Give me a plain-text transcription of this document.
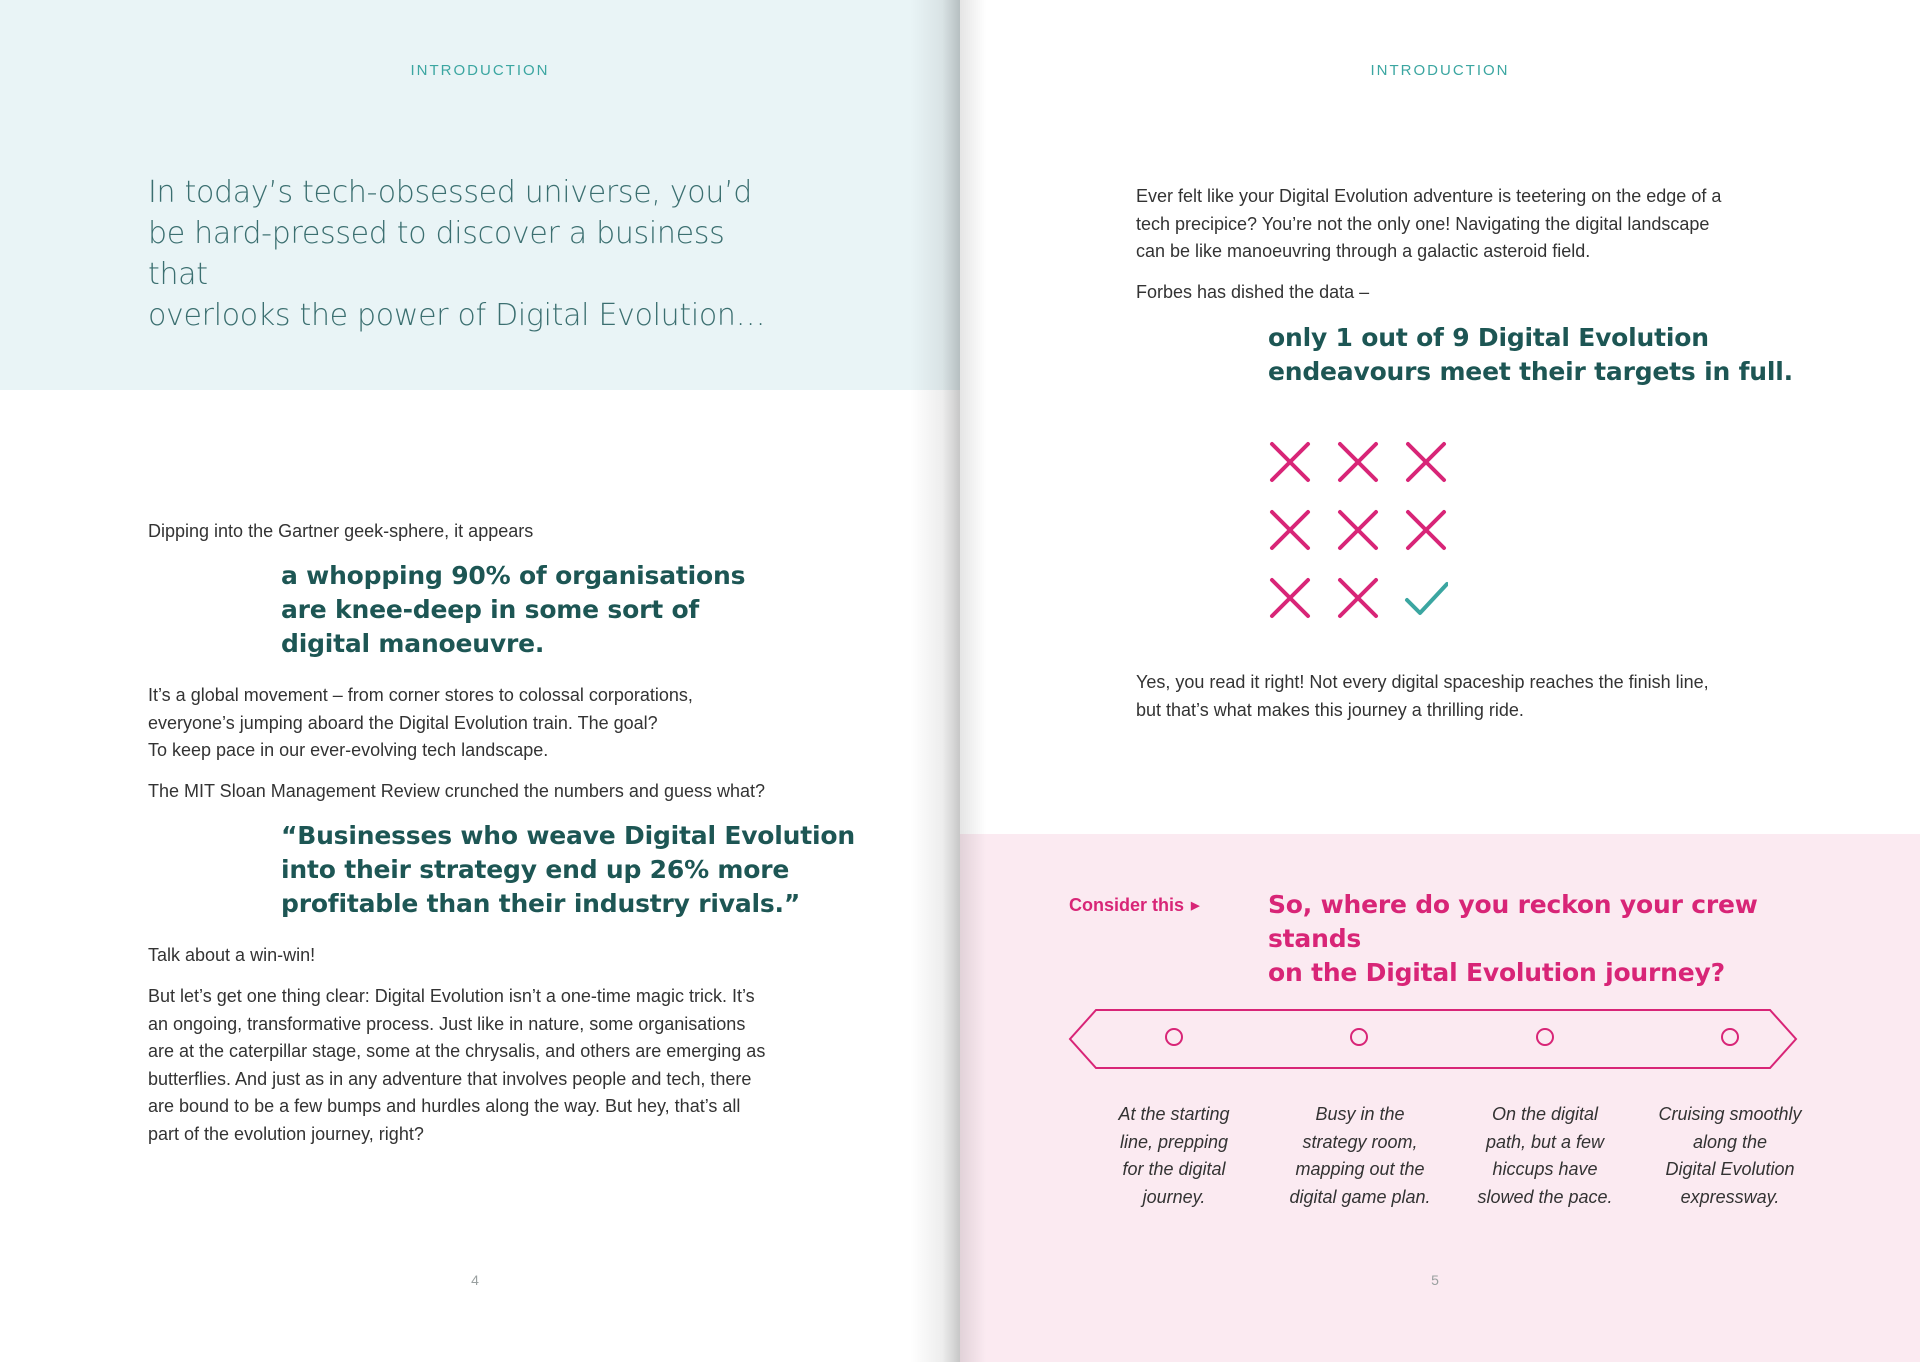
INTRODUCTION
In today’s tech-obsessed universe, you’d
be hard-pressed to discover a business that
overlooks the power of Digital Evolution…

Dipping into the Gartner geek-sphere, it appears

a whopping 90% of organisations
are knee-deep in some sort of
digital manoeuvre.
It’s a global movement – from corner stores to colossal corporations,
everyone’s jumping aboard the Digital Evolution train. The goal?
To keep pace in our ever-evolving tech landscape.

The MIT Sloan Management Review crunched the numbers and guess what?

“Businesses who weave Digital Evolution
into their strategy end up 26% more
profitable than their industry rivals.”

Talk about a win-win!

But let’s get one thing clear: Digital Evolution isn’t a one-time magic trick. It’s
an ongoing, transformative process. Just like in nature, some organisations
are at the caterpillar stage, some at the chrysalis, and others are emerging as
butterflies. And just as in any adventure that involves people and tech, there
are bound to be a few bumps and hurdles along the way. But hey, that’s all
part of the evolution journey, right?
4
INTRODUCTION
Ever felt like your Digital Evolution adventure is teetering on the edge of a
tech precipice? You’re not the only one! Navigating the digital landscape
can be like manoeuvring through a galactic asteroid field.

Forbes has dished the data –

only 1 out of 9 Digital Evolution
endeavours meet their targets in full.
Yes, you read it right! Not every digital spaceship reaches the finish line,
but that’s what makes this journey a thrilling ride.
Consider this ▶	So, where do you reckon your crew stands
on the Digital Evolution journey?
At the starting
line, prepping
for the digital
journey.
Busy in the
strategy room,
mapping out the
digital game plan.
On the digital
path, but a few
hiccups have
slowed the pace.
Cruising smoothly
along the
Digital Evolution
expressway.
5
